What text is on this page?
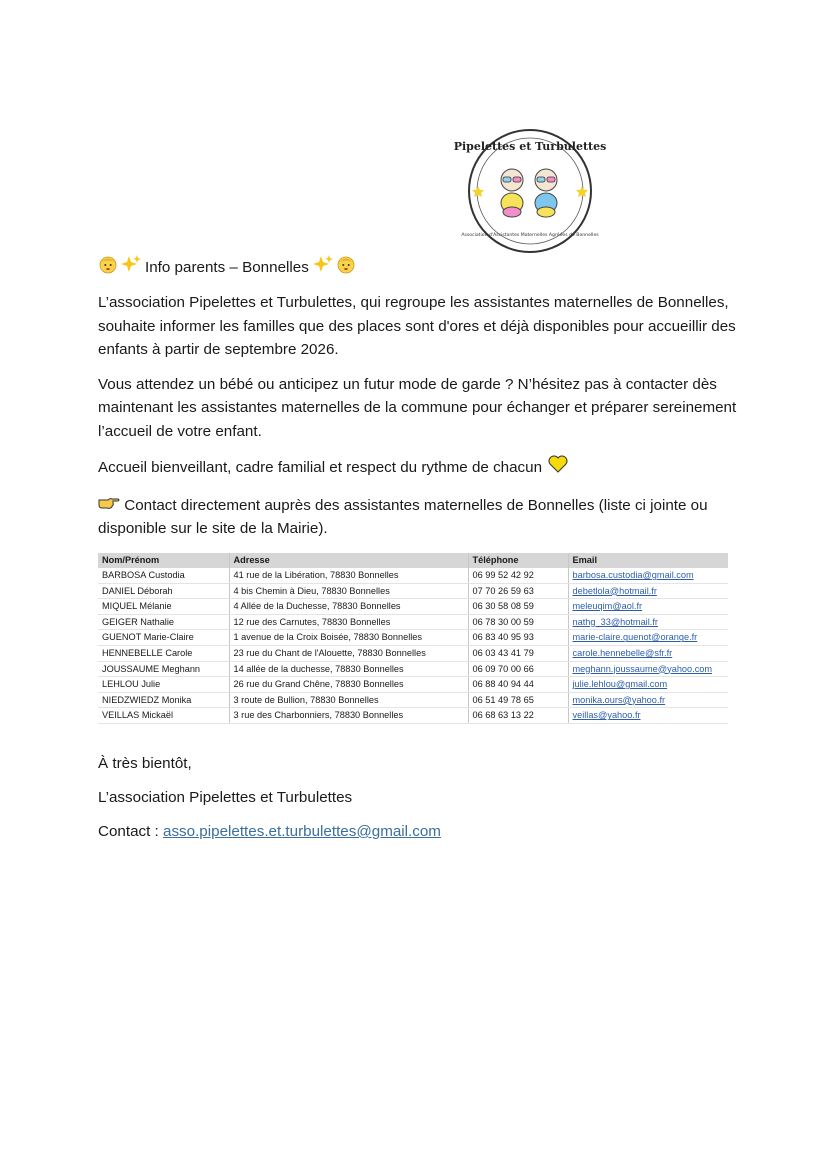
Pipelettes et Turbulettes
Association d'Assistantes Maternelles Agréées de Bonnelles

Info parents – Bonnelles

L’association Pipelettes et Turbulettes, qui regroupe les assistantes maternelles de Bonnelles, souhaite informer les familles que des places sont d'ores et déjà disponibles pour accueillir des enfants à partir de septembre 2026.

Vous attendez un bébé ou anticipez un futur mode de garde ? N’hésitez pas à contacter dès maintenant les assistantes maternelles de la commune pour échanger et préparer sereinement l’accueil de votre enfant.

Accueil bienveillant, cadre familial et respect du rythme de chacun

Contact directement auprès des assistantes maternelles de Bonnelles (liste ci jointe ou disponible sur le site de la Mairie).

Nom/Prénom	Adresse	Téléphone	Email
BARBOSA Custodia	41 rue de la Libération, 78830 Bonnelles	06 99 52 42 92	barbosa.custodia@gmail.com
DANIEL Déborah	4 bis Chemin à Dieu, 78830 Bonnelles	07 70 26 59 63	debetlola@hotmail.fr
MIQUEL Mélanie	4 Allée de la Duchesse, 78830 Bonnelles	06 30 58 08 59	meleuqim@aol.fr
GEIGER Nathalie	12 rue des Carnutes, 78830 Bonnelles	06 78 30 00 59	nathg_33@hotmail.fr
GUENOT Marie-Claire	1 avenue de la Croix Boisée, 78830 Bonnelles	06 83 40 95 93	marie-claire.guenot@orange.fr
HENNEBELLE Carole	23 rue du Chant de l'Alouette, 78830 Bonnelles	06 03 43 41 79	carole.hennebelle@sfr.fr
JOUSSAUME Meghann	14 allée de la duchesse, 78830 Bonnelles	06 09 70 00 66	meghann.joussaume@yahoo.com
LEHLOU Julie	26 rue du Grand Chêne, 78830 Bonnelles	06 88 40 94 44	julie.lehlou@gmail.com
NIEDZWIEDZ Monika	3 route de Bullion, 78830 Bonnelles	06 51 49 78 65	monika.ours@yahoo.fr
VEILLAS Mickaël	3 rue des Charbonniers, 78830 Bonnelles	06 68 63 13 22	veillas@yahoo.fr

À très bientôt,

L’association Pipelettes et Turbulettes

Contact : asso.pipelettes.et.turbulettes@gmail.com
